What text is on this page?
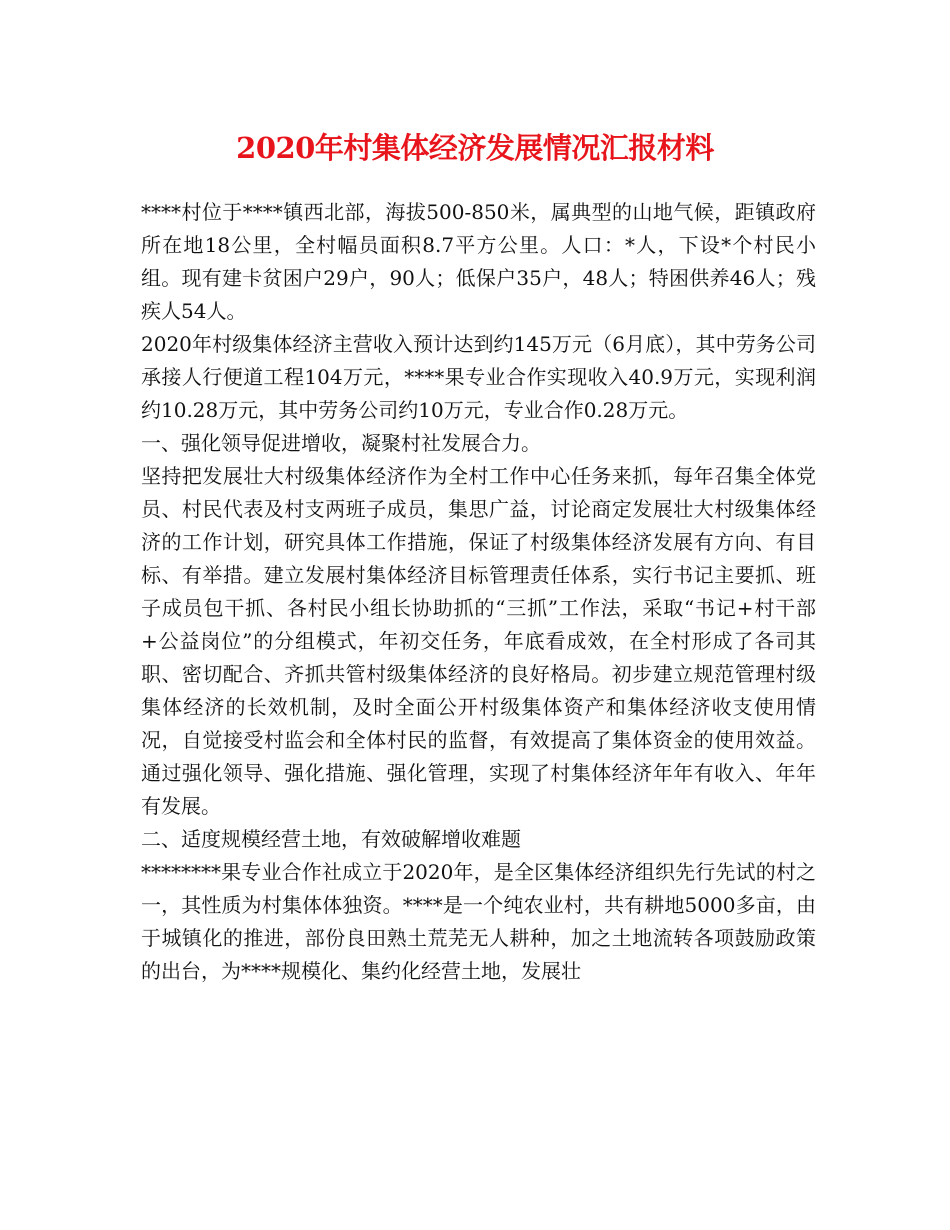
2020年村集体经济发展情况汇报材料

****村位于****镇西北部，海拔500-850米，属典型的山地气候，距镇政府所在地18公里，全村幅员面积8.7平方公里。人口：*人，下设*个村民小组。现有建卡贫困户29户，90人；低保户35户，48人；特困供养46人；残疾人54人。

2020年村级集体经济主营收入预计达到约145万元（6月底），其中劳务公司承接人行便道工程104万元，****果专业合作实现收入40.9万元，实现利润约10.28万元，其中劳务公司约10万元，专业合作0.28万元。

一、强化领导促进增收，凝聚村社发展合力。

坚持把发展壮大村级集体经济作为全村工作中心任务来抓，每年召集全体党员、村民代表及村支两班子成员，集思广益，讨论商定发展壮大村级集体经济的工作计划，研究具体工作措施，保证了村级集体经济发展有方向、有目标、有举措。建立发展村集体经济目标管理责任体系，实行书记主要抓、班子成员包干抓、各村民小组长协助抓的“三抓”工作法，采取“书记+村干部+公益岗位”的分组模式，年初交任务，年底看成效，在全村形成了各司其职、密切配合、齐抓共管村级集体经济的良好格局。初步建立规范管理村级集体经济的长效机制，及时全面公开村级集体资产和集体经济收支使用情况，自觉接受村监会和全体村民的监督，有效提高了集体资金的使用效益。通过强化领导、强化措施、强化管理，实现了村集体经济年年有收入、年年有发展。

二、适度规模经营土地，有效破解增收难题

********果专业合作社成立于2020年，是全区集体经济组织先行先试的村之一，其性质为村集体体独资。****是一个纯农业村，共有耕地5000多亩，由于城镇化的推进，部份良田熟土荒芜无人耕种，加之土地流转各项鼓励政策的出台，为****规模化、集约化经营土地，发展壮
